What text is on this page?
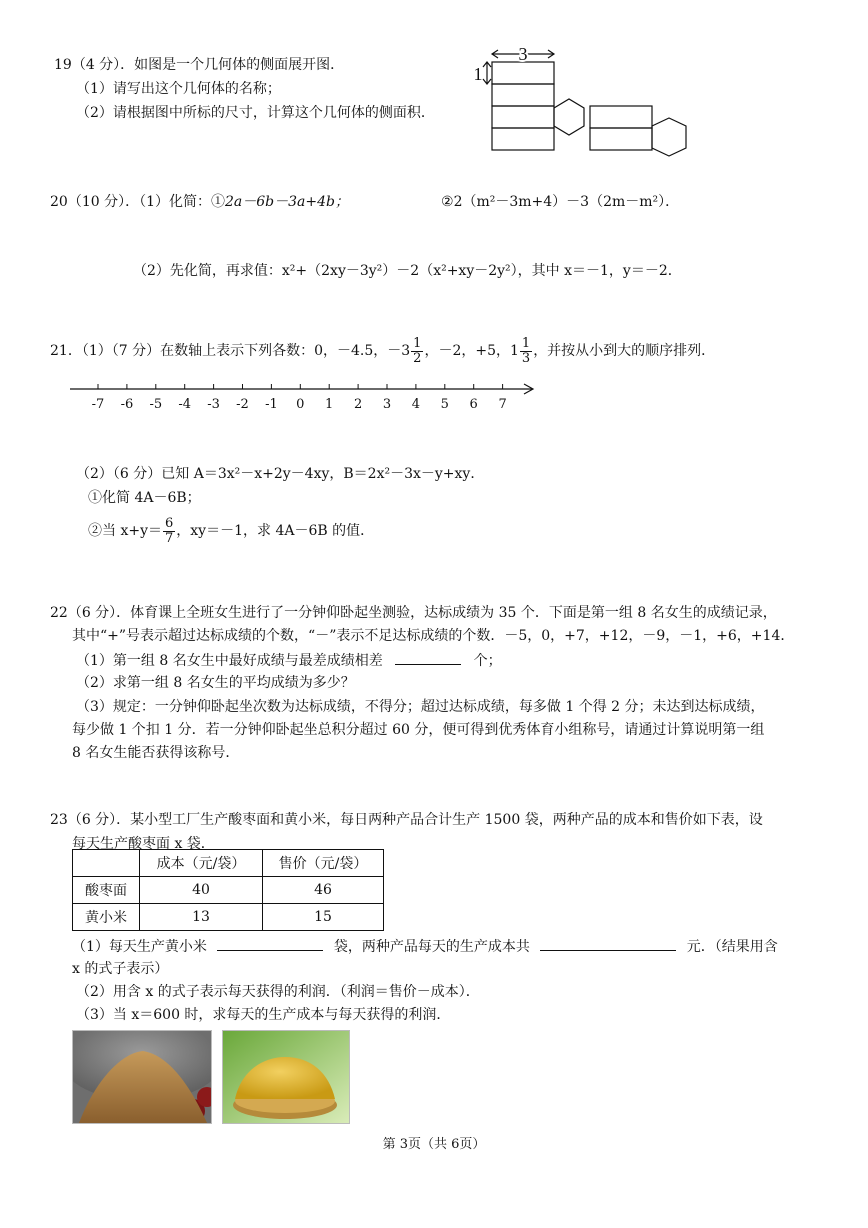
19（4 分）．如图是一个几何体的侧面展开图．
（1）请写出这个几何体的名称；
（2）请根据图中所标的尺寸，计算这个几何体的侧面积．
3
1
20（10 分）．（1）化简：①2a－6b－3a+4b；	②2（m²－3m+4）－3（2m－m²）．
（2）先化简，再求值：x²+（2xy－3y²）－2（x²+xy－2y²），其中 x＝－1，y＝－2．
21．（1）（7 分）在数轴上表示下列各数：0，－4.5，$-3 \frac{1}{2}$ ，－2，+5，$1 \frac{1}{3}$ ，并按从小到大的顺序排列．
-7 -6 -5 -4 -3 -2 -1 0 1 2 3 4 5 6 7
（2）（6 分）已知 A＝3x²－x+2y－4xy，B＝2x²－3x－y+xy．
①化简 4A－6B；
②当 $x+y= \frac{6}{7}$ ，xy＝－1，求 4A－6B 的值．
22（6 分）．体育课上全班女生进行了一分钟仰卧起坐测验，达标成绩为 35 个．下面是第一组 8 名女生的成绩记录，
其中“+”号表示超过达标成绩的个数，“－”表示不足达标成绩的个数．－5，0，+7，+12，－9，－1，+6，+14．
（1）第一组 8 名女生中最好成绩与最差成绩相差	个；
（2）求第一组 8 名女生的平均成绩为多少？
（3）规定：一分钟仰卧起坐次数为达标成绩，不得分；超过达标成绩，每多做 1 个得 2 分；未达到达标成绩，
每少做 1 个扣 1 分．若一分钟仰卧起坐总积分超过 60 分，便可得到优秀体育小组称号，请通过计算说明第一组
8 名女生能否获得该称号．
23（6 分）．某小型工厂生产酸枣面和黄小米，每日两种产品合计生产 1500 袋，两种产品的成本和售价如下表，设
每天生产酸枣面 x 袋．
	成本（元/袋）	售价（元/袋）
酸枣面	40	46
黄小米	13	15
（1）每天生产黄小米	袋，两种产品每天的生产成本共	元．（结果用含
x 的式子表示）
（2）用含 x 的式子表示每天获得的利润．（利润＝售价－成本）．
（3）当 x＝600 时，求每天的生产成本与每天获得的利润．
第 3页（共 6页）
